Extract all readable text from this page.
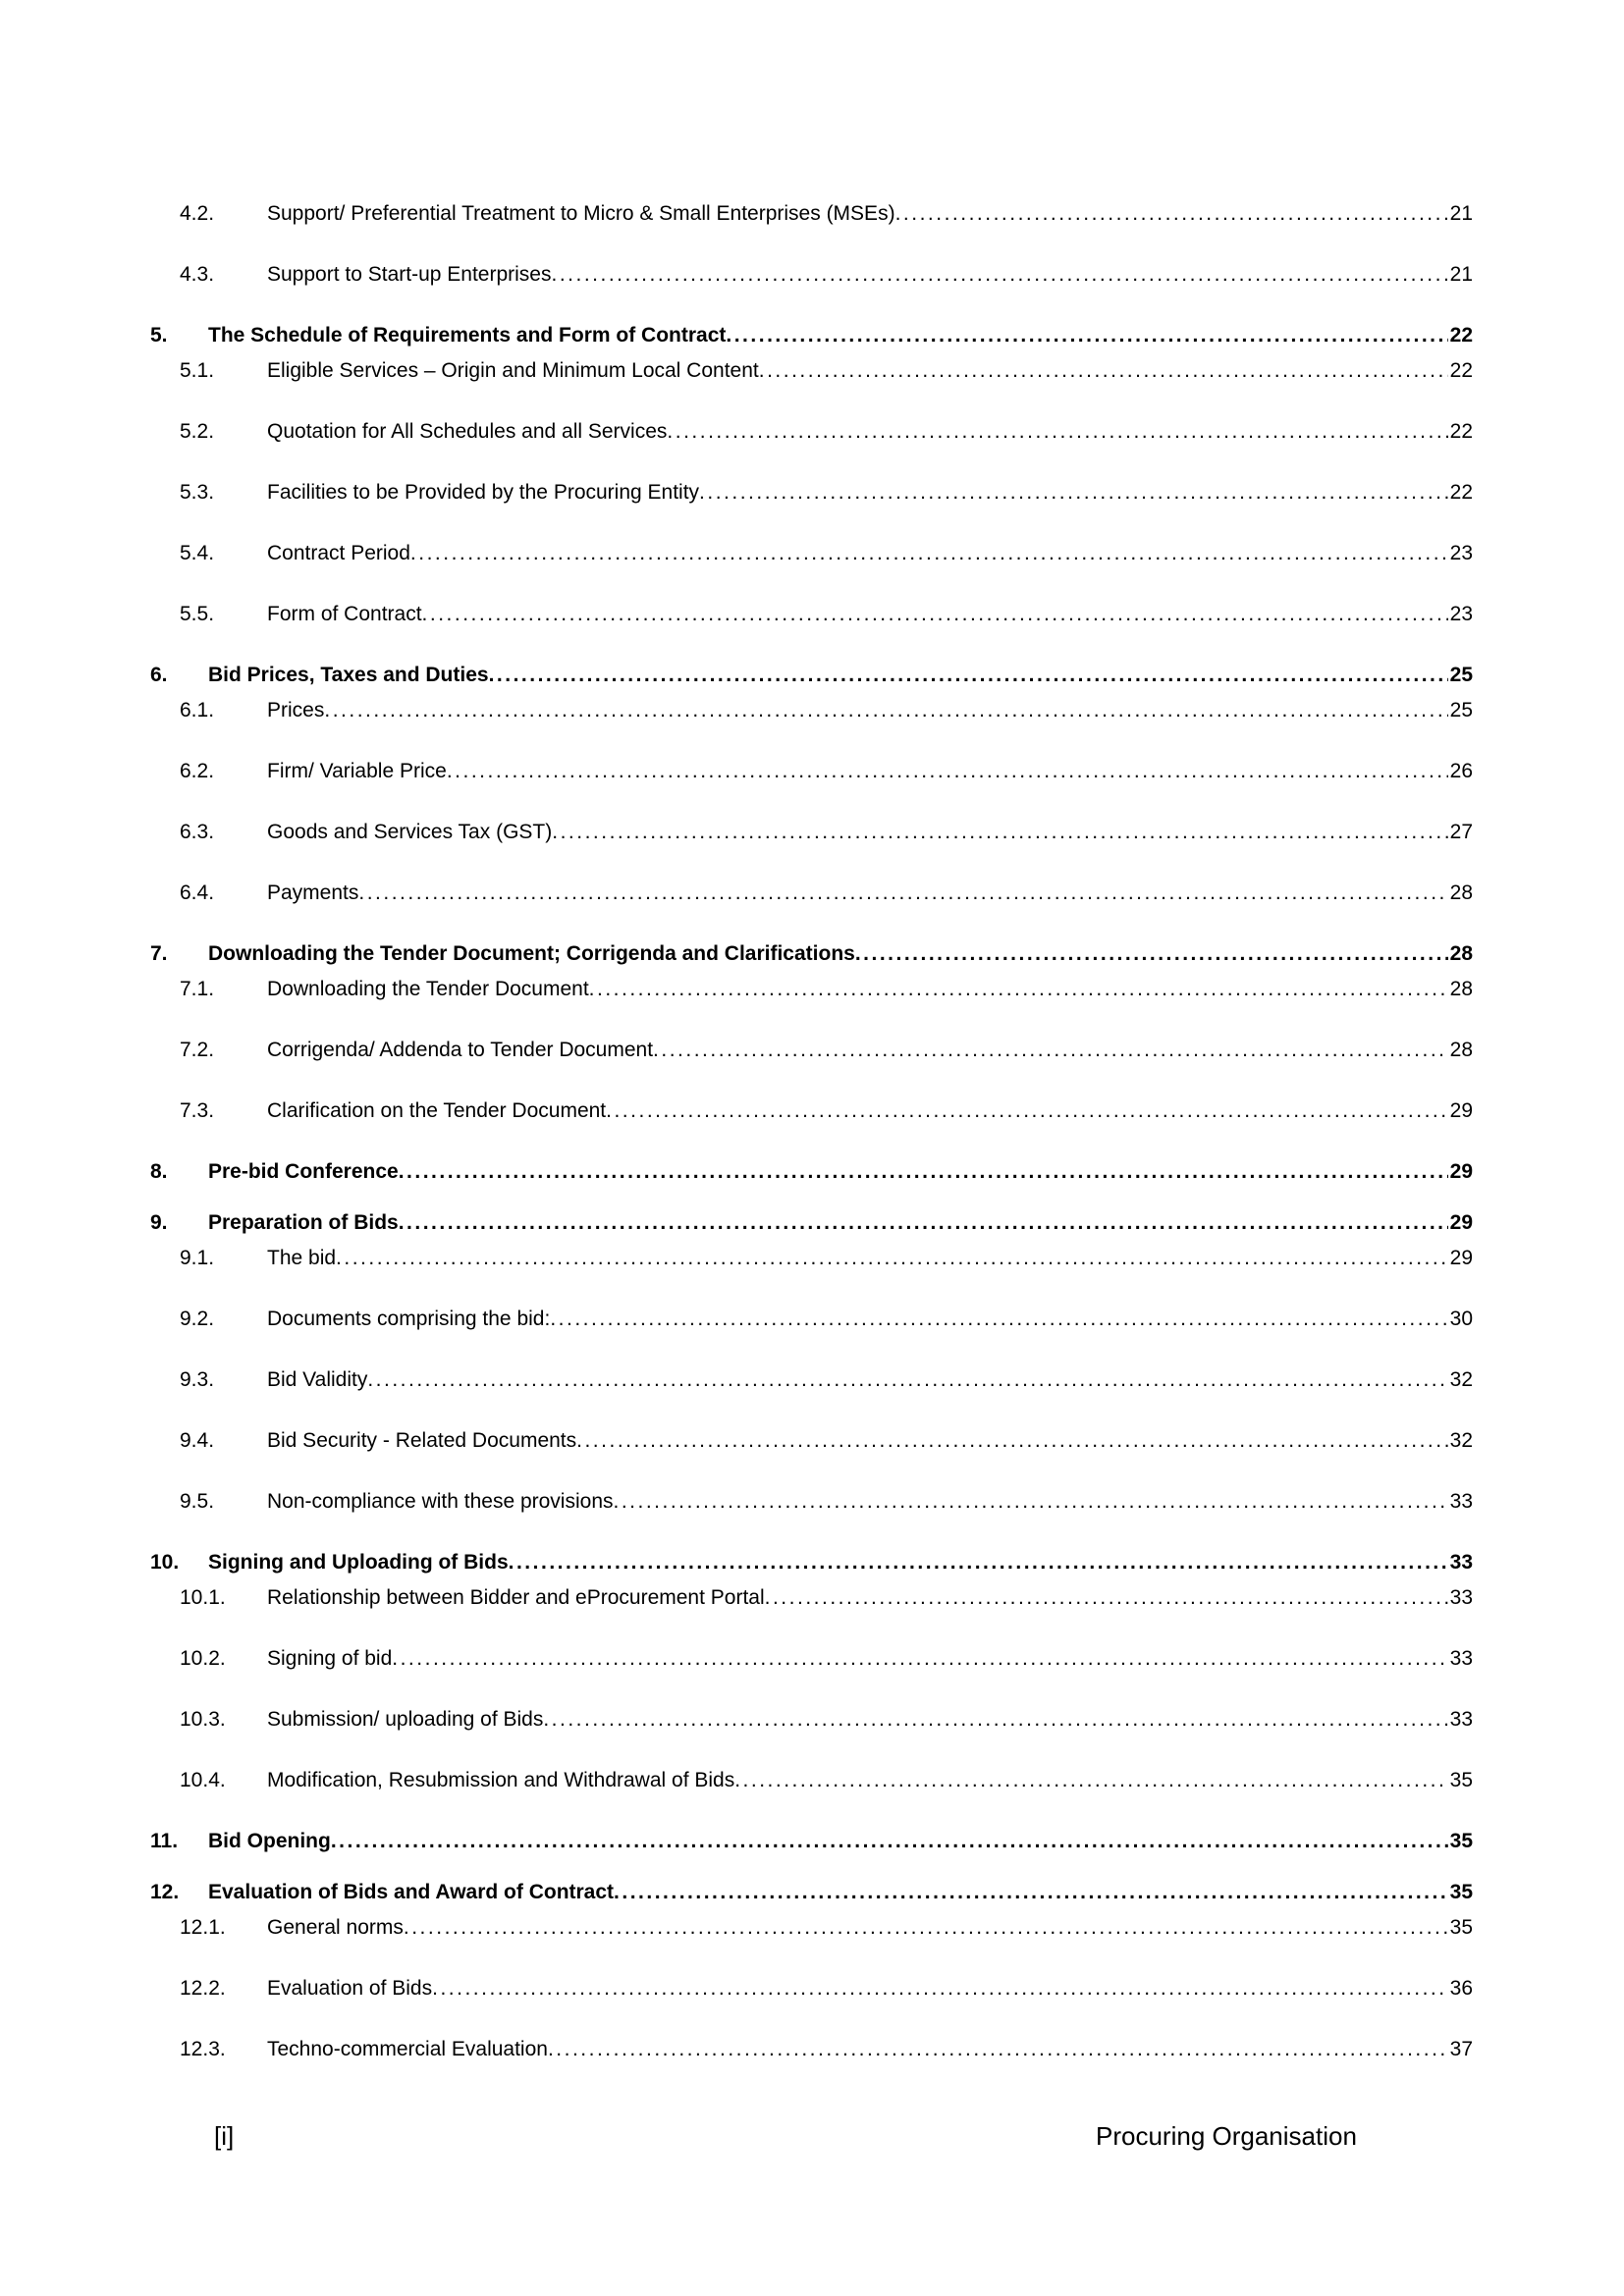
4.2.	Support/ Preferential Treatment to Micro & Small Enterprises (MSEs) .....	21
4.3.	Support to Start-up Enterprises .....	21
5.	The Schedule of Requirements and Form of Contract .....	22
5.1.	Eligible Services – Origin and Minimum Local Content .....	22
5.2.	Quotation for All Schedules and all Services .....	22
5.3.	Facilities to be Provided by the Procuring Entity .....	22
5.4.	Contract Period .....	23
5.5.	Form of Contract .....	23
6.	Bid Prices, Taxes and Duties .....	25
6.1.	Prices .....	25
6.2.	Firm/ Variable Price .....	26
6.3.	Goods and Services Tax (GST) .....	27
6.4.	Payments .....	28
7.	Downloading the Tender Document; Corrigenda and Clarifications .....	28
7.1.	Downloading the Tender Document .....	28
7.2.	Corrigenda/ Addenda to Tender Document .....	28
7.3.	Clarification on the Tender Document .....	29
8.	Pre-bid Conference .....	29
9.	Preparation of Bids .....	29
9.1.	The bid .....	29
9.2.	Documents comprising the bid: .....	30
9.3.	Bid Validity .....	32
9.4.	Bid Security - Related Documents .....	32
9.5.	Non-compliance with these provisions .....	33
10.	Signing and Uploading of Bids .....	33
10.1.	Relationship between Bidder and eProcurement Portal .....	33
10.2.	Signing of bid .....	33
10.3.	Submission/ uploading of Bids .....	33
10.4.	Modification, Resubmission and Withdrawal of Bids .....	35
11.	Bid Opening .....	35
12.	Evaluation of Bids and Award of Contract .....	35
12.1.	General norms .....	35
12.2.	Evaluation of Bids .....	36
12.3.	Techno-commercial Evaluation .....	37
[i]	Procuring Organisation
